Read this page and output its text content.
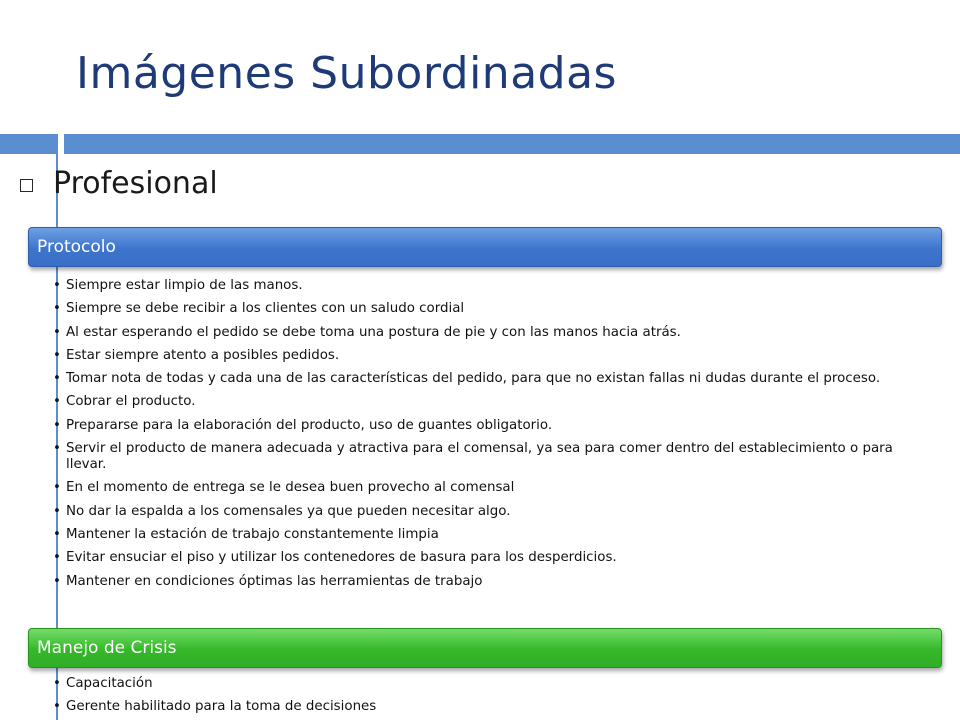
Imágenes Subordinadas
Profesional
Protocolo
• Siempre estar limpio de las manos.
• Siempre se debe recibir a los clientes con un saludo cordial
• Al estar esperando el pedido se debe toma una postura de pie y con las manos hacia atrás.
• Estar siempre atento a posibles pedidos.
• Tomar nota de todas y cada una de las características del pedido, para que no existan fallas ni dudas durante el proceso.
• Cobrar el producto.
• Prepararse para la elaboración del producto, uso de guantes obligatorio.
• Servir el producto de manera adecuada y atractiva para el comensal, ya sea para comer dentro del establecimiento o para llevar.
• En el momento de entrega se le desea buen provecho al comensal
• No dar la espalda a los comensales ya que pueden necesitar algo.
• Mantener la estación de trabajo constantemente limpia
• Evitar ensuciar el piso y utilizar los contenedores de basura para los desperdicios.
• Mantener en condiciones óptimas las herramientas de trabajo
Manejo de Crisis
• Capacitación
• Gerente habilitado para la toma de decisiones
